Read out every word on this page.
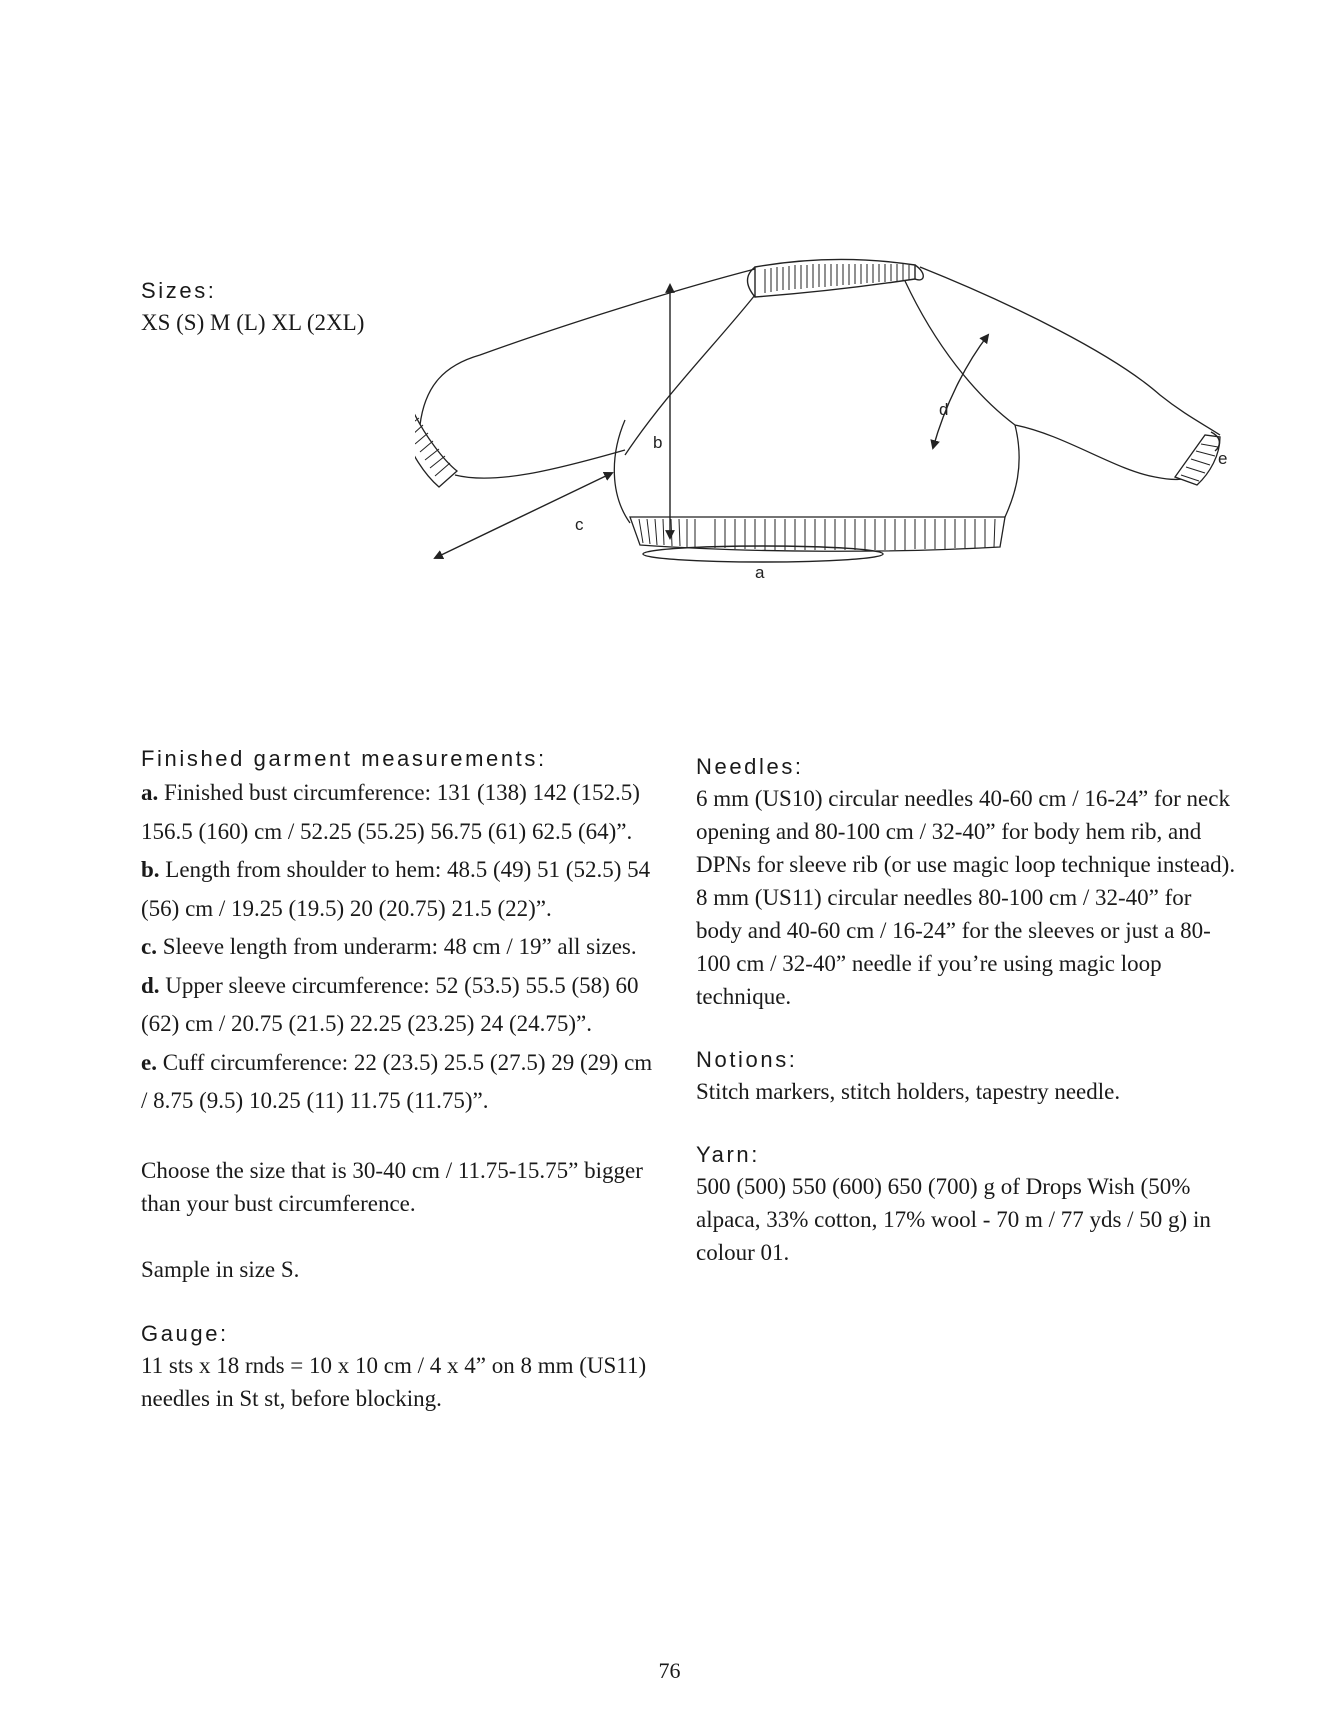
Sizes:
XS (S) M (L) XL (2XL)
a
b
c
d
e
Finished garment measurements:
a. Finished bust circumference: 131 (138) 142 (152.5) 156.5 (160) cm / 52.25 (55.25) 56.75 (61) 62.5 (64)”.
b. Length from shoulder to hem: 48.5 (49) 51 (52.5) 54 (56) cm / 19.25 (19.5) 20 (20.75) 21.5 (22)”.
c. Sleeve length from underarm: 48 cm / 19” all sizes.
d. Upper sleeve circumference: 52 (53.5) 55.5 (58) 60 (62) cm / 20.75 (21.5) 22.25 (23.25) 24 (24.75)”.
e. Cuff circumference: 22 (23.5) 25.5 (27.5) 29 (29) cm / 8.75 (9.5) 10.25 (11) 11.75 (11.75)”.
Choose the size that is 30-40 cm / 11.75-15.75” bigger than your bust circumference.
Sample in size S.
Gauge:
11 sts x 18 rnds = 10 x 10 cm / 4 x 4” on 8 mm (US11) needles in St st, before blocking.
Needles:
6 mm (US10) circular needles 40-60 cm / 16-24” for neck opening and 80-100 cm / 32-40” for body hem rib, and DPNs for sleeve rib (or use magic loop technique instead).
8 mm (US11) circular needles 80-100 cm / 32-40” for body and 40-60 cm / 16-24” for the sleeves or just a 80-100 cm / 32-40” needle if you’re using magic loop technique.
Notions:
Stitch markers, stitch holders, tapestry needle.
Yarn:
500 (500) 550 (600) 650 (700) g of Drops Wish (50% alpaca, 33% cotton, 17% wool - 70 m / 77 yds / 50 g) in colour 01.
76
